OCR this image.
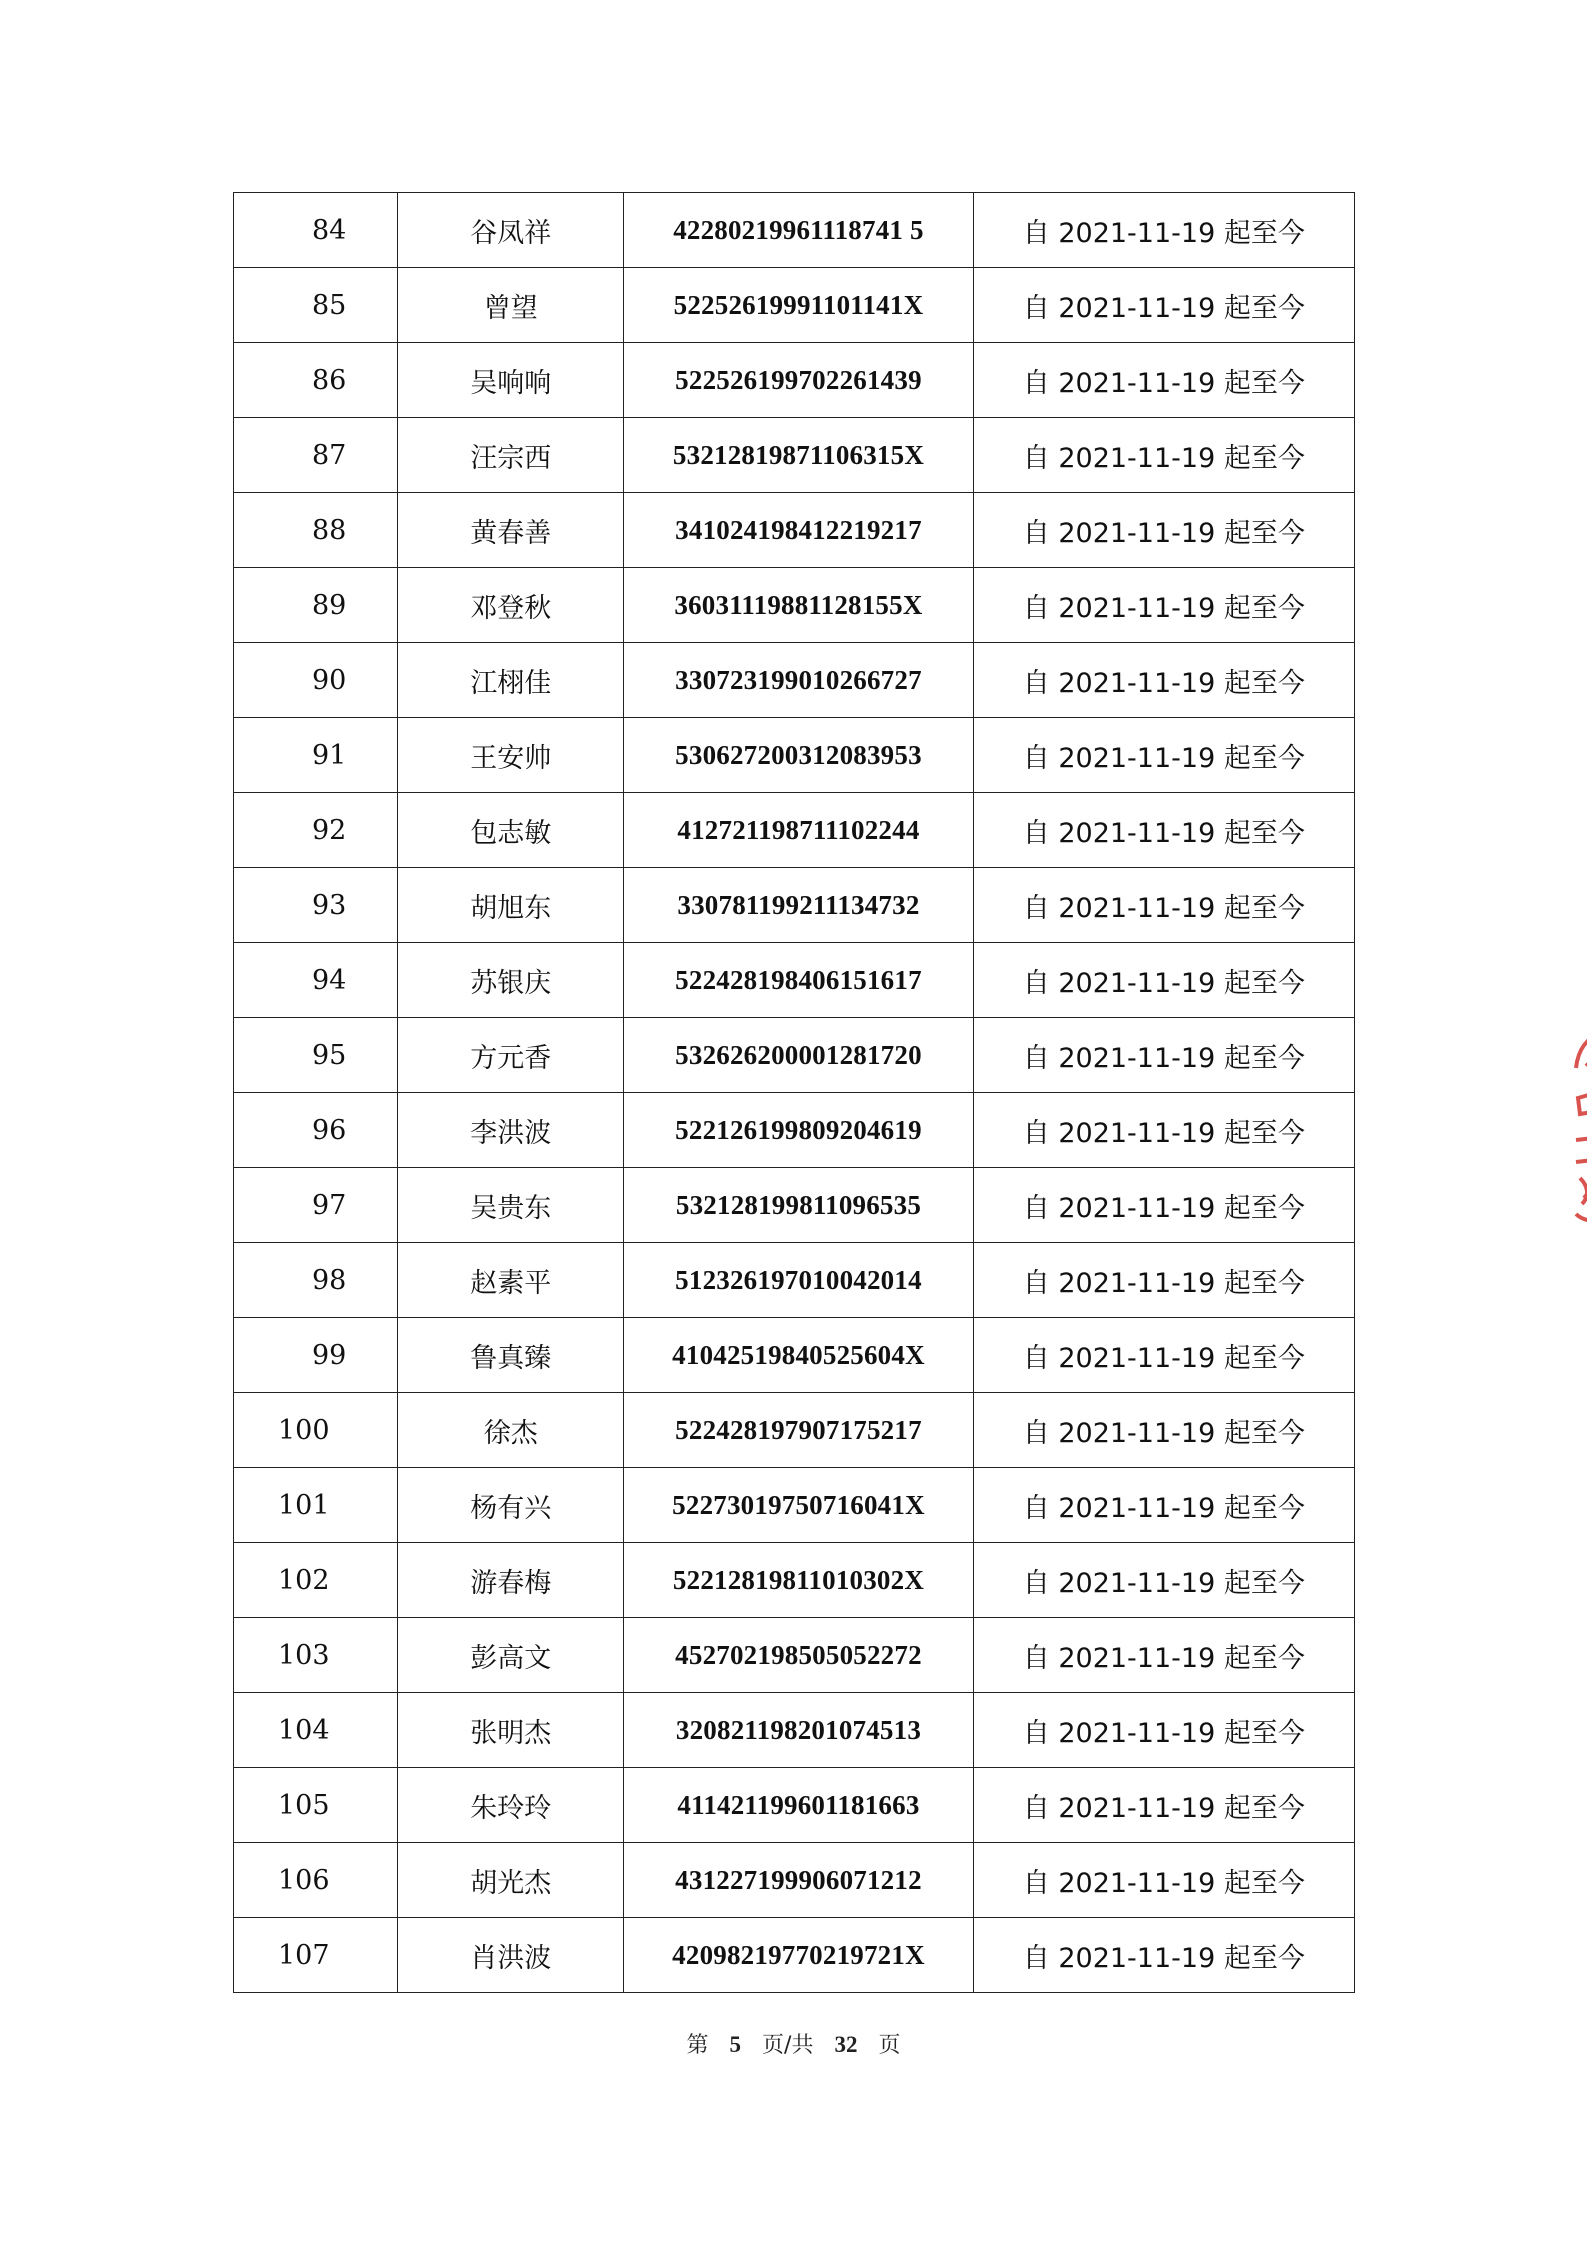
84	谷凤祥	42280219961118741 5	自 2021-11-19 起至今
85	曾望	52252619991101141X	自 2021-11-19 起至今
86	吴响响	522526199702261439	自 2021-11-19 起至今
87	汪宗西	53212819871106315X	自 2021-11-19 起至今
88	黄春善	341024198412219217	自 2021-11-19 起至今
89	邓登秋	36031119881128155X	自 2021-11-19 起至今
90	江栩佳	330723199010266727	自 2021-11-19 起至今
91	王安帅	530627200312083953	自 2021-11-19 起至今
92	包志敏	412721198711102244	自 2021-11-19 起至今
93	胡旭东	330781199211134732	自 2021-11-19 起至今
94	苏银庆	522428198406151617	自 2021-11-19 起至今
95	方元香	532626200001281720	自 2021-11-19 起至今
96	李洪波	522126199809204619	自 2021-11-19 起至今
97	吴贵东	532128199811096535	自 2021-11-19 起至今
98	赵素平	512326197010042014	自 2021-11-19 起至今
99	鲁真臻	41042519840525604X	自 2021-11-19 起至今
100	徐杰	522428197907175217	自 2021-11-19 起至今
101	杨有兴	52273019750716041X	自 2021-11-19 起至今
102	游春梅	52212819811010302X	自 2021-11-19 起至今
103	彭高文	452702198505052272	自 2021-11-19 起至今
104	张明杰	320821198201074513	自 2021-11-19 起至今
105	朱玲玲	411421199601181663	自 2021-11-19 起至今
106	胡光杰	431227199906071212	自 2021-11-19 起至今
107	肖洪波	42098219770219721X	自 2021-11-19 起至今
第 5 页/共 32 页
